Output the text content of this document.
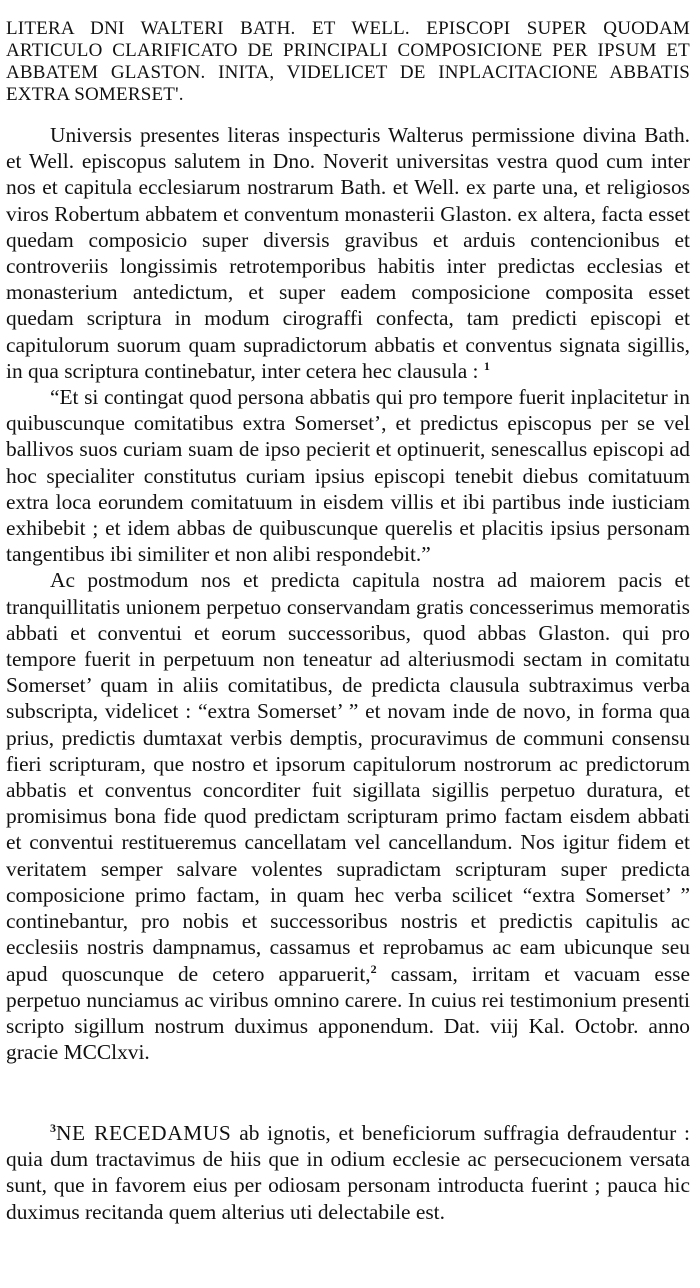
LITERA DNI WALTERI BATH. ET WELL. EPISCOPI SUPER QUODAM ARTICULO CLARIFICATO DE PRINCIPALI COMPOSICIONE PER IPSUM ET ABBATEM GLASTON. INITA, VIDELICET DE INPLACITACIONE ABBATIS EXTRA SOMERSET'.

Universis presentes literas inspecturis Walterus permissione divina Bath. et Well. episcopus salutem in Dno. Noverit universitas vestra quod cum inter nos et capitula ecclesiarum nostrarum Bath. et Well. ex parte una, et religiosos viros Robertum abbatem et conventum monasterii Glaston. ex altera, facta esset quedam composicio super diversis gravibus et arduis contencionibus et controveriis longissimis retrotemporibus habitis inter predictas ecclesias et monasterium antedictum, et super eadem composicione composita esset quedam scriptura in modum cirograffi confecta, tam predicti episcopi et capitulorum suorum quam supradictorum abbatis et conventus signata sigillis, in qua scriptura continebatur, inter cetera hec clausula : $^1$

“Et si contingat quod persona abbatis qui pro tempore fuerit inplacitetur in quibuscunque comitatibus extra Somerset’, et predictus episcopus per se vel ballivos suos curiam suam de ipso pecierit et optinuerit, senescallus episcopi ad hoc specialiter constitutus curiam ipsius episcopi tenebit diebus comitatuum extra loca eorundem comitatuum in eisdem villis et ibi partibus inde iusticiam exhibebit ; et idem abbas de quibuscunque querelis et placitis ipsius personam tangentibus ibi similiter et non alibi respondebit.”

Ac postmodum nos et predicta capitula nostra ad maiorem pacis et tranquillitatis unionem perpetuo conservandam gratis concesserimus memoratis abbati et conventui et eorum successoribus, quod abbas Glaston. qui pro tempore fuerit in perpetuum non teneatur ad alteriusmodi sectam in comitatu Somerset’ quam in aliis comitatibus, de predicta clausula subtraximus verba subscripta, videlicet : “extra Somerset’ ” et novam inde de novo, in forma qua prius, predictis dumtaxat verbis demptis, procuravimus de communi consensu fieri scripturam, que nostro et ipsorum capitulorum nostrorum ac predictorum abbatis et conventus concorditer fuit sigillata sigillis perpetuo duratura, et promisimus bona fide quod predictam scripturam primo factam eisdem abbati et conventui restitueremus cancellatam vel cancellandum. Nos igitur fidem et veritatem semper salvare volentes supradictam scripturam super predicta composicione primo factam, in quam hec verba scilicet “extra Somerset’ ” continebantur, pro nobis et successoribus nostris et predictis capitulis ac ecclesiis nostris dampnamus, cassamus et reprobamus ac eam ubicunque seu apud quoscunque de cetero apparuerit,$^2$ cassam, irritam et vacuam esse perpetuo nunciamus ac viribus omnino carere. In cuius rei testimonium presenti scripto sigillum nostrum duximus apponendum. Dat. viij Kal. Octobr. anno gracie MCClxvi.

$^3$NE RECEDAMUS ab ignotis, et beneficiorum suffragia defraudentur : quia dum tractavimus de hiis que in odium ecclesie ac persecucionem versata sunt, que in favorem eius per odiosam personam introducta fuerint ; pauca hic duximus recitanda quem alterius uti delectabile est.
